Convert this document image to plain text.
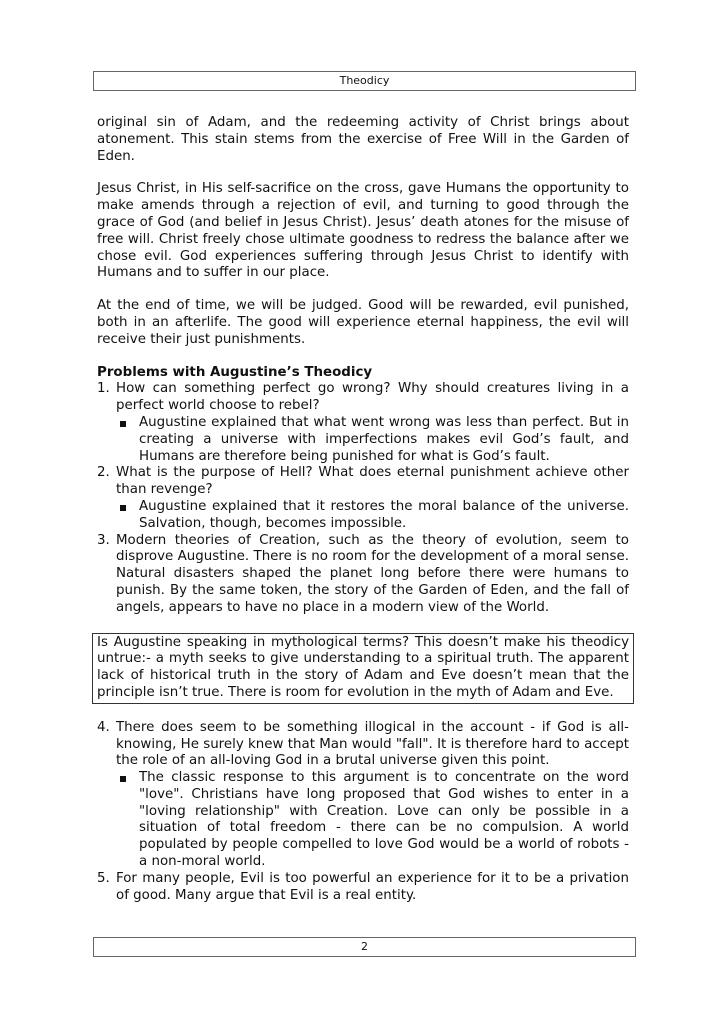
Theodicy

original sin of Adam, and the redeeming activity of Christ brings about atonement. This stain stems from the exercise of Free Will in the Garden of Eden.

Jesus Christ, in His self-sacrifice on the cross, gave Humans the opportunity to make amends through a rejection of evil, and turning to good through the grace of God (and belief in Jesus Christ). Jesus’ death atones for the misuse of free will. Christ freely chose ultimate goodness to redress the balance after we chose evil. God experiences suffering through Jesus Christ to identify with Humans and to suffer in our place.

At the end of time, we will be judged. Good will be rewarded, evil punished, both in an afterlife. The good will experience eternal happiness, the evil will receive their just punishments.

Problems with Augustine’s Theodicy

1. How can something perfect go wrong? Why should creatures living in a perfect world choose to rebel?
Augustine explained that what went wrong was less than perfect. But in creating a universe with imperfections makes evil God’s fault, and Humans are therefore being punished for what is God’s fault.
2. What is the purpose of Hell? What does eternal punishment achieve other than revenge?
Augustine explained that it restores the moral balance of the universe. Salvation, though, becomes impossible.
3. Modern theories of Creation, such as the theory of evolution, seem to disprove Augustine. There is no room for the development of a moral sense. Natural disasters shaped the planet long before there were humans to punish. By the same token, the story of the Garden of Eden, and the fall of angels, appears to have no place in a modern view of the World.
Is Augustine speaking in mythological terms? This doesn’t make his theodicy untrue:- a myth seeks to give understanding to a spiritual truth. The apparent lack of historical truth in the story of Adam and Eve doesn’t mean that the principle isn’t true. There is room for evolution in the myth of Adam and Eve.
4. There does seem to be something illogical in the account - if God is all-knowing, He surely knew that Man would "fall". It is therefore hard to accept the role of an all-loving God in a brutal universe given this point.
The classic response to this argument is to concentrate on the word "love". Christians have long proposed that God wishes to enter in a "loving relationship" with Creation. Love can only be possible in a situation of total freedom - there can be no compulsion. A world populated by people compelled to love God would be a world of robots - a non-moral world.
5. For many people, Evil is too powerful an experience for it to be a privation of good. Many argue that Evil is a real entity.
2
